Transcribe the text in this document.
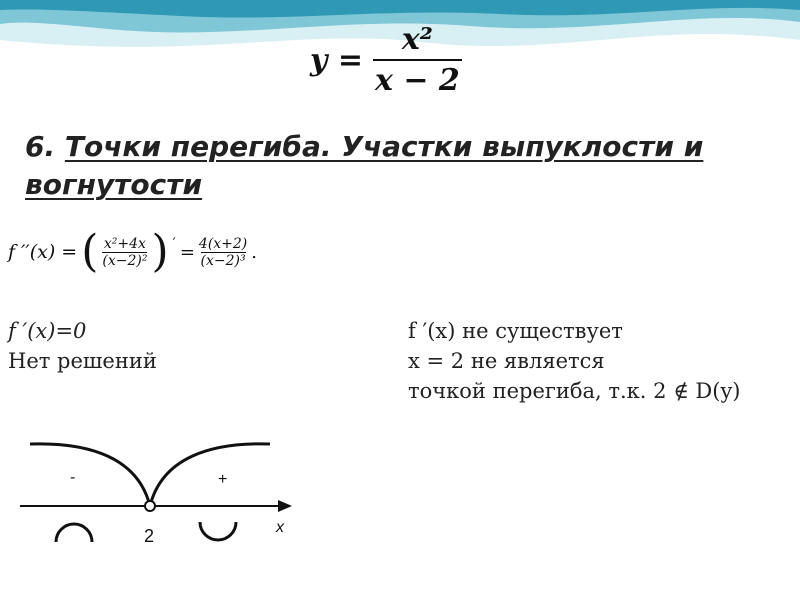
$y = \frac{\text{x²}}{x - 2}$
6. Точки перегиба. Участки выпуклости и вогнутости
f ′′(x) = ( $\frac{\text{x²+4x}}{\text{(x−2)²}}$ ) ′ = $\frac{4(x+2)}{\text{(x−2)³}}$ .
f ′(x)=0
Нет решений
f ′(x) не существует
x = 2 не является
точкой перегиба, т.к. 2 ∉ D(y)
-	+
2	x
